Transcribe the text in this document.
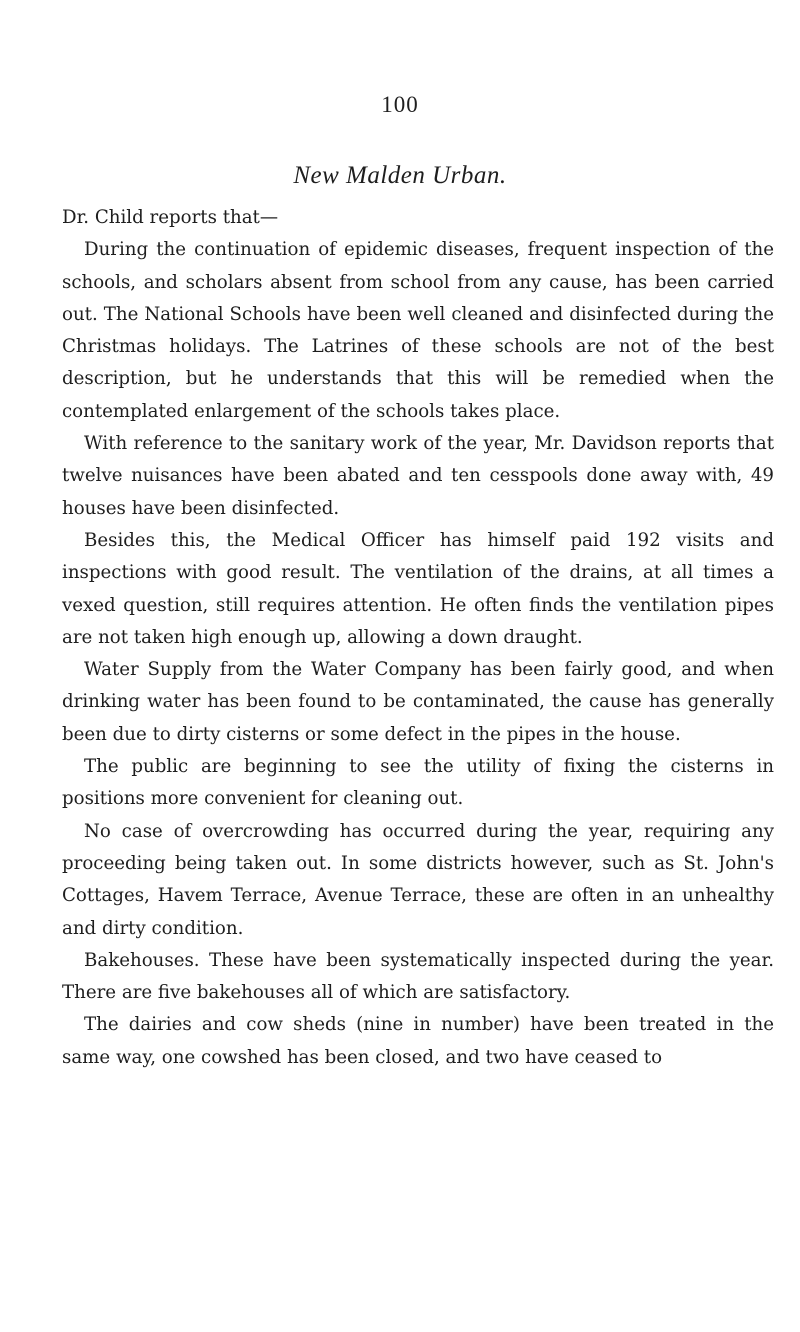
100
New Malden Urban.

Dr. Child reports that—

During the continuation of epidemic diseases, frequent inspection of the schools, and scholars absent from school from any cause, has been carried out. The National Schools have been well cleaned and disinfected during the Christmas holidays. The Latrines of these schools are not of the best description, but he understands that this will be remedied when the contemplated enlargement of the schools takes place.

With reference to the sanitary work of the year, Mr. Davidson reports that twelve nuisances have been abated and ten cesspools done away with, 49 houses have been disinfected.

Besides this, the Medical Officer has himself paid 192 visits and inspections with good result. The ventilation of the drains, at all times a vexed question, still requires attention. He often finds the ventilation pipes are not taken high enough up, allowing a down draught.

Water Supply from the Water Company has been fairly good, and when drinking water has been found to be contaminated, the cause has generally been due to dirty cisterns or some defect in the pipes in the house.

The public are beginning to see the utility of fixing the cisterns in positions more convenient for cleaning out.

No case of overcrowding has occurred during the year, requiring any proceeding being taken out. In some districts however, such as St. John's Cottages, Havem Terrace, Avenue Terrace, these are often in an unhealthy and dirty condition.

Bakehouses. These have been systematically inspected during the year. There are five bakehouses all of which are satisfactory.

The dairies and cow sheds (nine in number) have been treated in the same way, one cowshed has been closed, and two have ceased to
